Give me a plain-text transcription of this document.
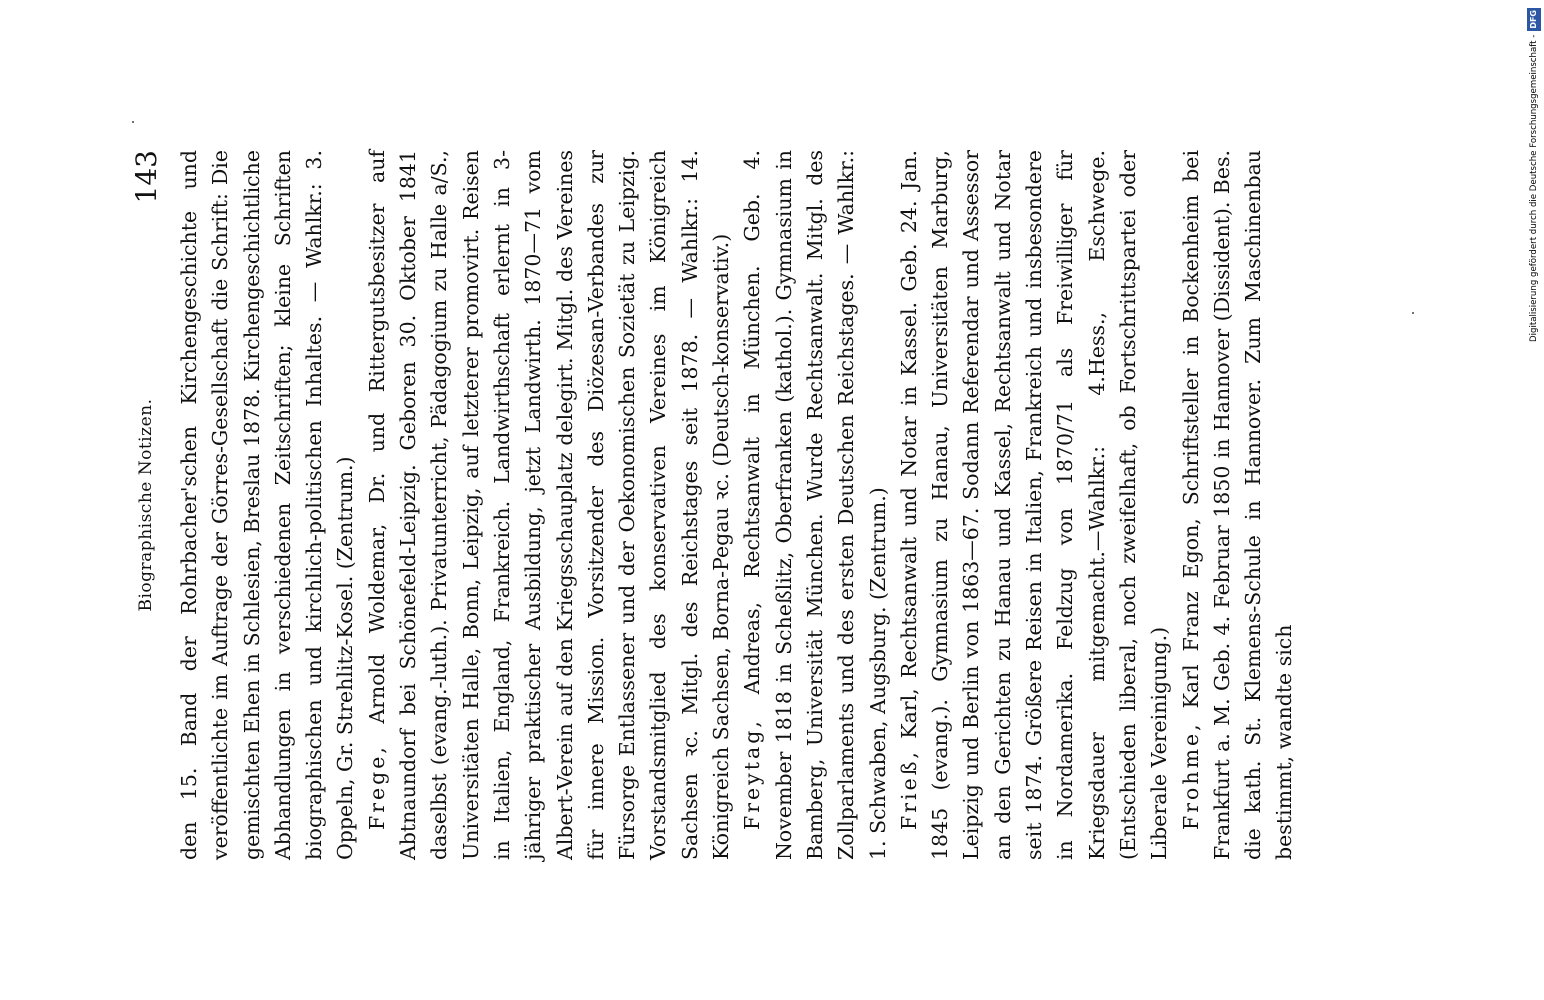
Biographische Notizen.
143 den 15. Band der Rohrbacher'schen Kirchengeschichte und veröffentlichte im Auftrage der Görres-Gesellschaft die Schrift: Die gemischten Ehen in Schlesien, Breslau 1878. Kirchengeschichtliche Abhandlungen in verschiedenen Zeitschriften; kleine Schriften biographischen und kirchlich-politischen Inhaltes. — Wahlkr.: 3. Oppeln, Gr. Strehlitz-Kosel. (Zentrum.) Frege, Arnold Woldemar, Dr. und Rittergutsbesitzer auf Abtnaundorf bei Schönefeld-Leipzig. Geboren 30. Oktober 1841 daselbst (evang.-luth.). Privatunterricht, Pädagogium zu Halle a/S., Universitäten Halle, Bonn, Leipzig, auf letzterer promovirt. Reisen in Italien, England, Frankreich. Landwirthschaft erlernt in 3-jähriger praktischer Ausbildung, jetzt Landwirth. 1870—71 vom Albert-Verein auf den Kriegsschauplatz delegirt. Mitgl. des Vereines für innere Mission. Vorsitzender des Diözesan-Verbandes zur Fürsorge Entlassener und der Oekonomischen Sozietät zu Leipzig. Vorstandsmitglied des konservativen Vereines im Königreich Sachsen ꝛc. Mitgl. des Reichstages seit 1878. — Wahlkr.: 14. Königreich Sachsen, Borna-Pegau ꝛc. (Deutsch-konservativ.) Freytag, Andreas, Rechtsanwalt in München. Geb. 4. November 1818 in Scheßlitz, Oberfranken (kathol.). Gymnasium in Bamberg, Universität München. Wurde Rechtsanwalt. Mitgl. des Zollparlaments und des ersten Deutschen Reichstages. — Wahlkr.: 1. Schwaben, Augsburg. (Zentrum.) Frieß, Karl, Rechtsanwalt und Notar in Kassel. Geb. 24. Jan. 1845 (evang.). Gymnasium zu Hanau, Universitäten Marburg, Leipzig und Berlin von 1863—67. Sodann Referendar und Assessor an den Gerichten zu Hanau und Kassel, Rechtsanwalt und Notar seit 1874. Größere Reisen in Italien, Frankreich und insbesondere in Nordamerika. Feldzug von 1870/71 als Freiwilliger für Kriegsdauer mitgemacht.—Wahlkr.: 4.Hess., Eschwege. (Entschieden liberal, noch zweifelhaft, ob Fortschrittspartei oder Liberale Vereinigung.) Frohme, Karl Franz Egon, Schriftsteller in Bockenheim bei Frankfurt a. M. Geb. 4. Februar 1850 in Hannover (Dissident). Bes. die kath. St. Klemens-Schule in Hannover. Zum Maschinenbau bestimmt, wandte sich

Digitalisierung gefördert durch die Deutsche Forschungsgemeinschaft -
DFG
